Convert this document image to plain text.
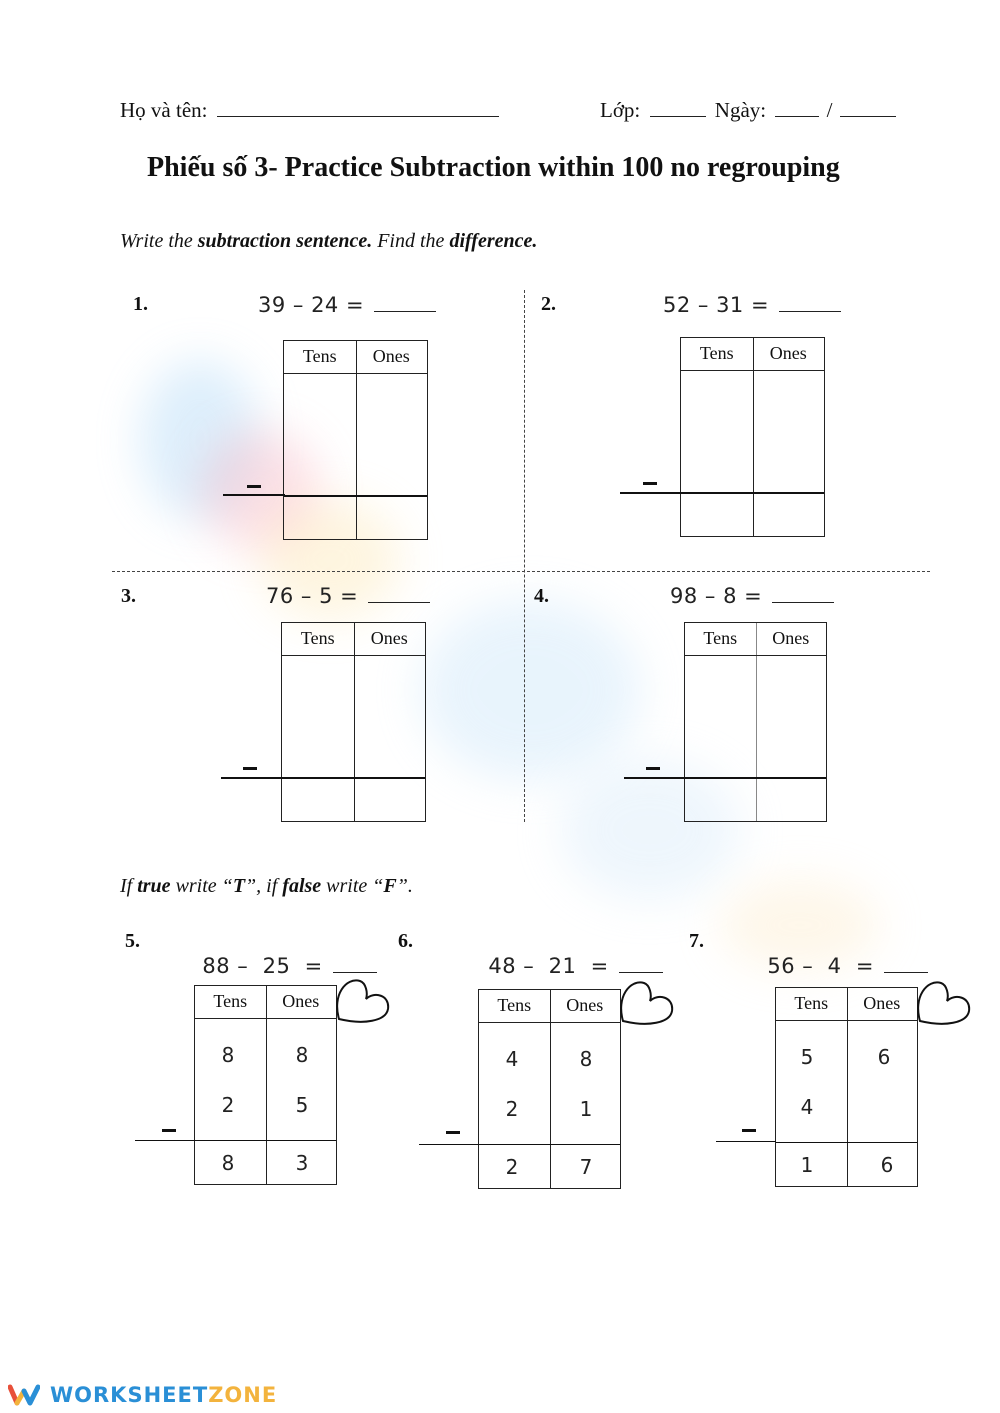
Họ và tên:	Lớp:	Ngày:	/
Phiếu số 3- Practice Subtraction within 100 no regrouping
Write the subtraction sentence. Find the difference.
1.	39 – 24 =
Tens	Ones
2.	52 – 31 =
Tens	Ones
3.	76 – 5 =
Tens	Ones
4.	98 – 8 =
Tens	Ones
If true write “T”, if false write “F”.
5.

88 –  25  =

Tens	Ones
8	8
2	5
8	3
6.

48 –  21  =

Tens	Ones
4	8
2	1
2	7
7.

56 –  4  =

Tens	Ones
5	6
4
1	6
WORKSHEETZONE
